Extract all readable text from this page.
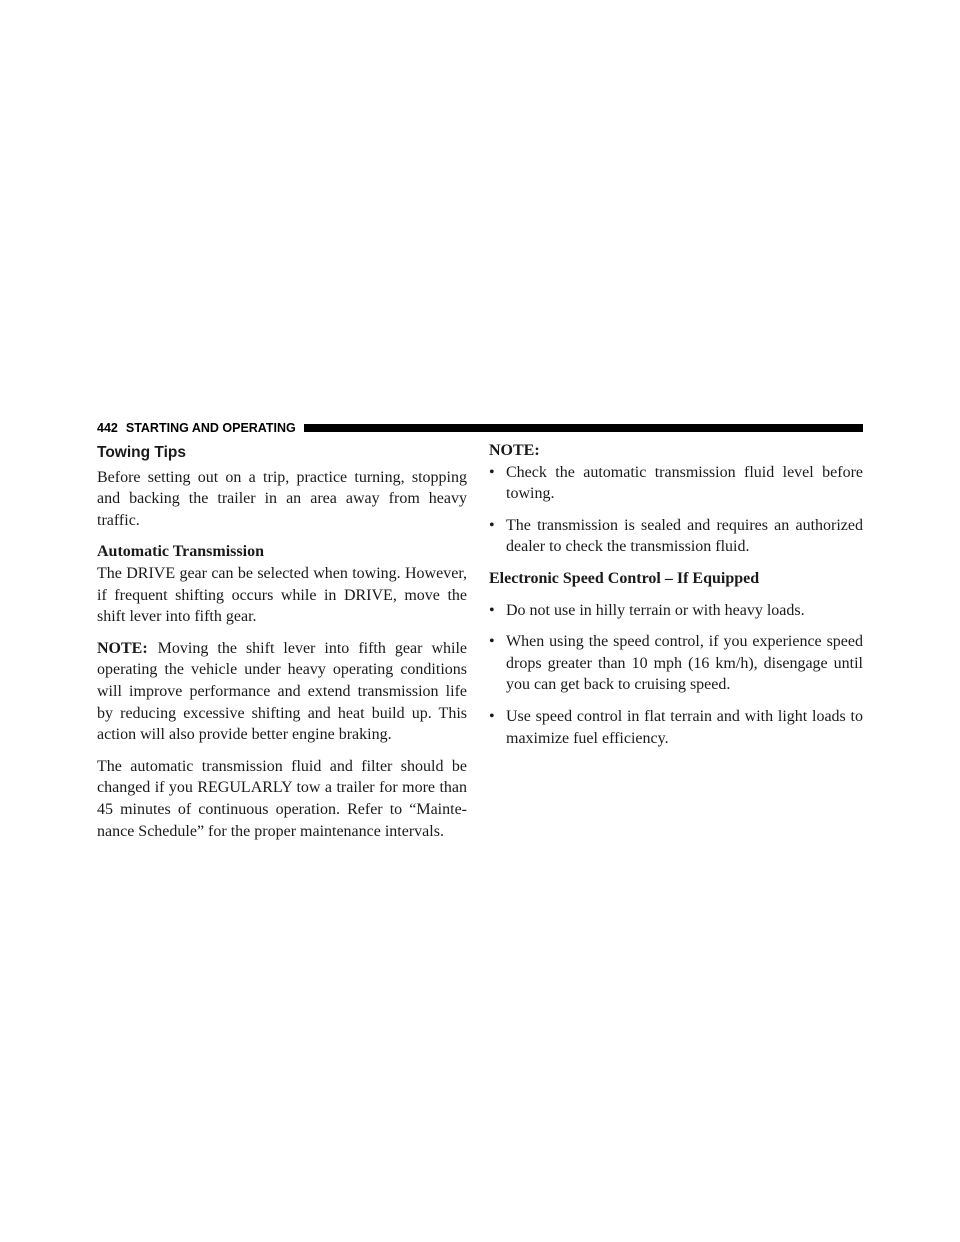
442 STARTING AND OPERATING
Towing Tips

Before setting out on a trip, practice turning, stopping and backing the trailer in an area away from heavy traffic.

Automatic Transmission

The DRIVE gear can be selected when towing. However, if frequent shifting occurs while in DRIVE, move the shift lever into fifth gear.

NOTE: Moving the shift lever into fifth gear while operating the vehicle under heavy operating conditions will improve performance and extend transmission life by reducing excessive shifting and heat build up. This action will also provide better engine braking.

The automatic transmission fluid and filter should be changed if you REGULARLY tow a trailer for more than 45 minutes of continuous operation. Refer to “Mainte-nance Schedule” for the proper maintenance intervals.

NOTE:
• Check the automatic transmission fluid level before towing.
• The transmission is sealed and requires an authorized dealer to check the transmission fluid.
Electronic Speed Control – If Equipped
• Do not use in hilly terrain or with heavy loads.
• When using the speed control, if you experience speed drops greater than 10 mph (16 km/h), disengage until you can get back to cruising speed.
• Use speed control in flat terrain and with light loads to maximize fuel efficiency.
